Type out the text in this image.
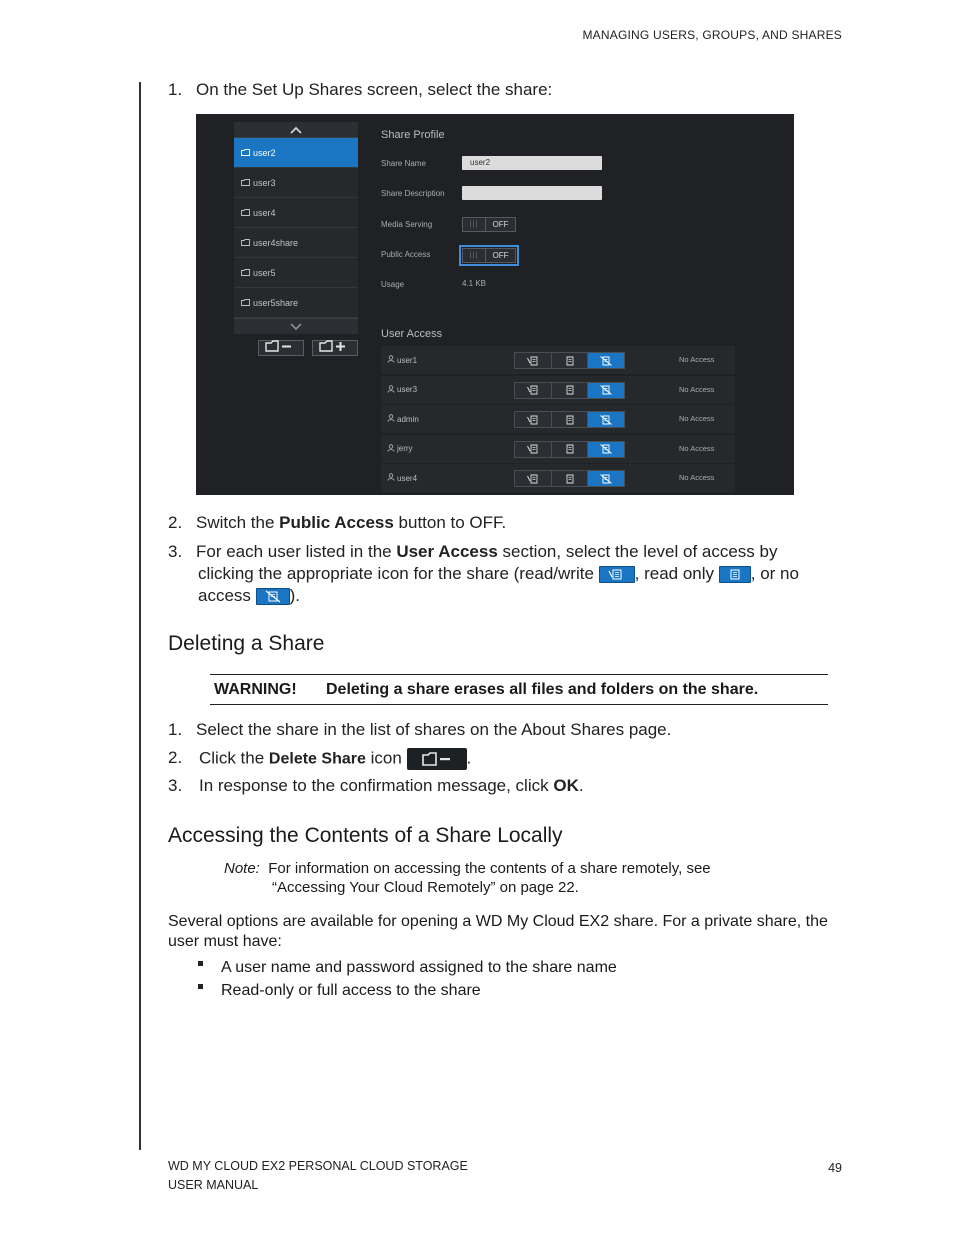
MANAGING USERS, GROUPS, AND SHARES
1. On the Set Up Shares screen, select the share:
user2
user3
user4
user4share
user5
user5share
Share Profile
Share Name	user2
Share Description
Media Serving	|||	OFF
Public Access	|||	OFF
Usage	4.1 KB
User Access
user1	No Access
user3	No Access
admin	No Access
jerry	No Access
user4	No Access
2. Switch the Public Access button to OFF.
3. For each user listed in the User Access section, select the level of access by
clicking the appropriate icon for the share (read/write
, read only
, or no
access
).
Deleting a Share
WARNING!	Deleting a share erases all files and folders on the share.
1. Select the share in the list of shares on the About Shares page.
2. Click the Delete Share icon	.
3. In response to the confirmation message, click OK.
Accessing the Contents of a Share Locally
Note: For information on accessing the contents of a share remotely, see
“Accessing Your Cloud Remotely” on page 22.
Several options are available for opening a WD My Cloud EX2 share. For a private share, the
user must have:
A user name and password assigned to the share name
Read-only or full access to the share
WD MY CLOUD EX2 PERSONAL CLOUD STORAGE
USER MANUAL
49
